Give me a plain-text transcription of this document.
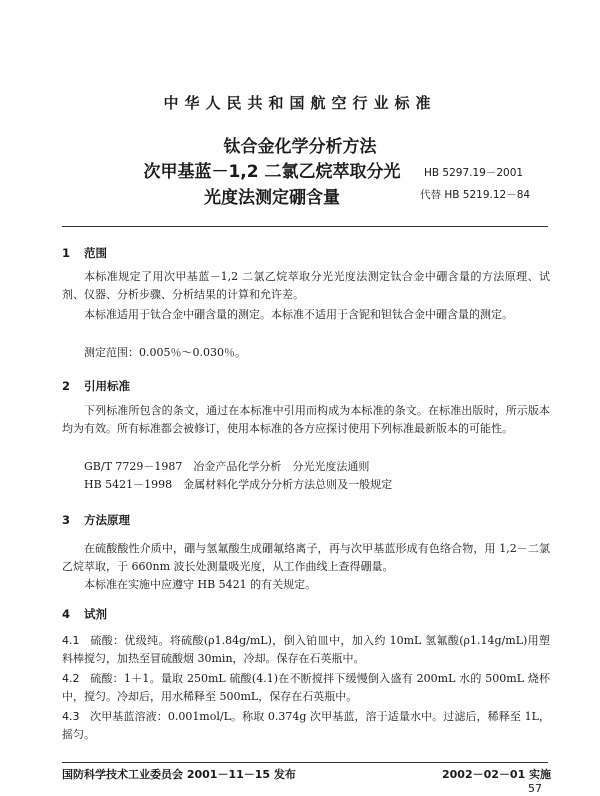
中华人民共和国航空行业标准
钛合金化学分析方法
次甲基蓝－1,2 二氯乙烷萃取分光
光度法测定硼含量
HB 5297.19－2001
代替 HB 5219.12－84
1 范围
本标准规定了用次甲基蓝－1,2 二氯乙烷萃取分光光度法测定钛合金中硼含量的方法原理、试剂、仪器、分析步骤、分析结果的计算和允许差。
本标准适用于钛合金中硼含量的测定。本标准不适用于含铌和钽钛合金中硼含量的测定。
测定范围：0.005％～0.030％。
2 引用标准
下列标准所包含的条文，通过在本标准中引用而构成为本标准的条文。在标准出版时，所示版本均为有效。所有标准都会被修订，使用本标准的各方应探讨使用下列标准最新版本的可能性。
GB/T 7729－1987　冶金产品化学分析　分光光度法通则
HB 5421－1998　金属材料化学成分分析方法总则及一般规定
3 方法原理
在硫酸酸性介质中，硼与氢氟酸生成硼氟络离子，再与次甲基蓝形成有色络合物，用 1,2－二氯乙烷萃取，于 660nm 波长处测量吸光度，从工作曲线上查得硼量。
本标准在实施中应遵守 HB 5421 的有关规定。
4 试剂
4.1 硫酸：优级纯。将硫酸(ρ1.84g/mL)，倒入铂皿中，加入约 10mL 氢氟酸(ρ1.14g/mL)用塑料棒搅匀，加热至冒硫酸烟 30min，冷却。保存在石英瓶中。
4.2 硫酸：1＋1。量取 250mL 硫酸(4.1)在不断搅拌下缓慢倒入盛有 200mL 水的 500mL 烧杯中，搅匀。冷却后，用水稀释至 500mL，保存在石英瓶中。
4.3 次甲基蓝溶液：0.001mol/L。称取 0.374g 次甲基蓝，溶于适量水中。过滤后，稀释至 1L，摇匀。
国防科学技术工业委员会 2001－11－15 发布	2002－02－01 实施
57
